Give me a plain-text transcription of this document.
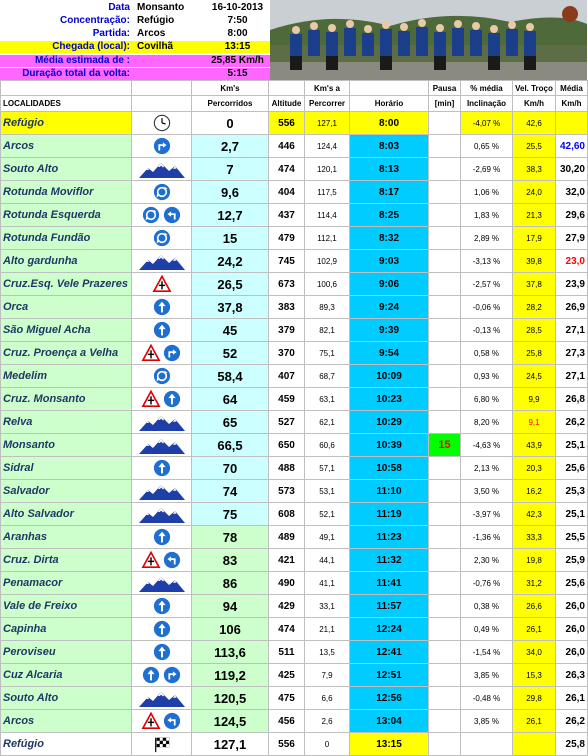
Data Monsanto	16-10-2013
Concentração: Refúgio	7:50
Partida: Arcos	8:00
Chegada (local): Covilhã	13:15
Média estimada de :	25,85 Km/h
Duração total da volta:	5:15
		Km's		Km's a		Pausa	% média	Vel. Troço	Média
LOCALIDADES		Percorridos	Altitude	Percorrer	Horário	[min]	Inclinação	Km/h	Km/h
Refúgio		0	556	127,1	8:00		-4,07 %	42,6	
Arcos		2,7	446	124,4	8:03		0,65 %	25,5	42,60
Souto Alto		7	474	120,1	8:13		-2,69 %	38,3	30,20
Rotunda Moviflor		9,6	404	117,5	8:17		1,06 %	24,0	32,0
Rotunda Esquerda		12,7	437	114,4	8:25		1,83 %	21,3	29,6
Rotunda Fundão		15	479	112,1	8:32		2,89 %	17,9	27,9
Alto gardunha		24,2	745	102,9	9:03		-3,13 %	39,8	23,0
Cruz.Esq. Vele Prazeres		26,5	673	100,6	9:06		-2,57 %	37,8	23,9
Orca		37,8	383	89,3	9:24		-0,06 %	28,2	26,9
São Miguel Acha		45	379	82,1	9:39		-0,13 %	28,5	27,1
Cruz. Proença a Velha		52	370	75,1	9:54		0,58 %	25,8	27,3
Medelim		58,4	407	68,7	10:09		0,93 %	24,5	27,1
Cruz. Monsanto		64	459	63,1	10:23		6,80 %	9,9	26,8
Relva		65	527	62,1	10:29		8,20 %	9,1	26,2
Monsanto		66,5	650	60,6	10:39	15	-4,63 %	43,9	25,1
Sidral		70	488	57,1	10:58		2,13 %	20,3	25,6
Salvador		74	573	53,1	11:10		3,50 %	16,2	25,3
Alto Salvador		75	608	52,1	11:19		-3,97 %	42,3	25,1
Aranhas		78	489	49,1	11:23		-1,36 %	33,3	25,5
Cruz. Dirta		83	421	44,1	11:32		2,30 %	19,8	25,9
Penamacor		86	490	41,1	11:41		-0,76 %	31,2	25,6
Vale de Freixo		94	429	33,1	11:57		0,38 %	26,6	26,0
Capinha		106	474	21,1	12:24		0,49 %	26,1	26,0
Peroviseu		113,6	511	13,5	12:41		-1,54 %	34,0	26,0
Cuz Alcaria		119,2	425	7,9	12:51		3,85 %	15,3	26,3
Souto Alto		120,5	475	6,6	12:56		-0,48 %	29,8	26,1
Arcos		124,5	456	2,6	13:04		3,85 %	26,1	26,2
Refúgio		127,1	556	0	13:15				25,8
